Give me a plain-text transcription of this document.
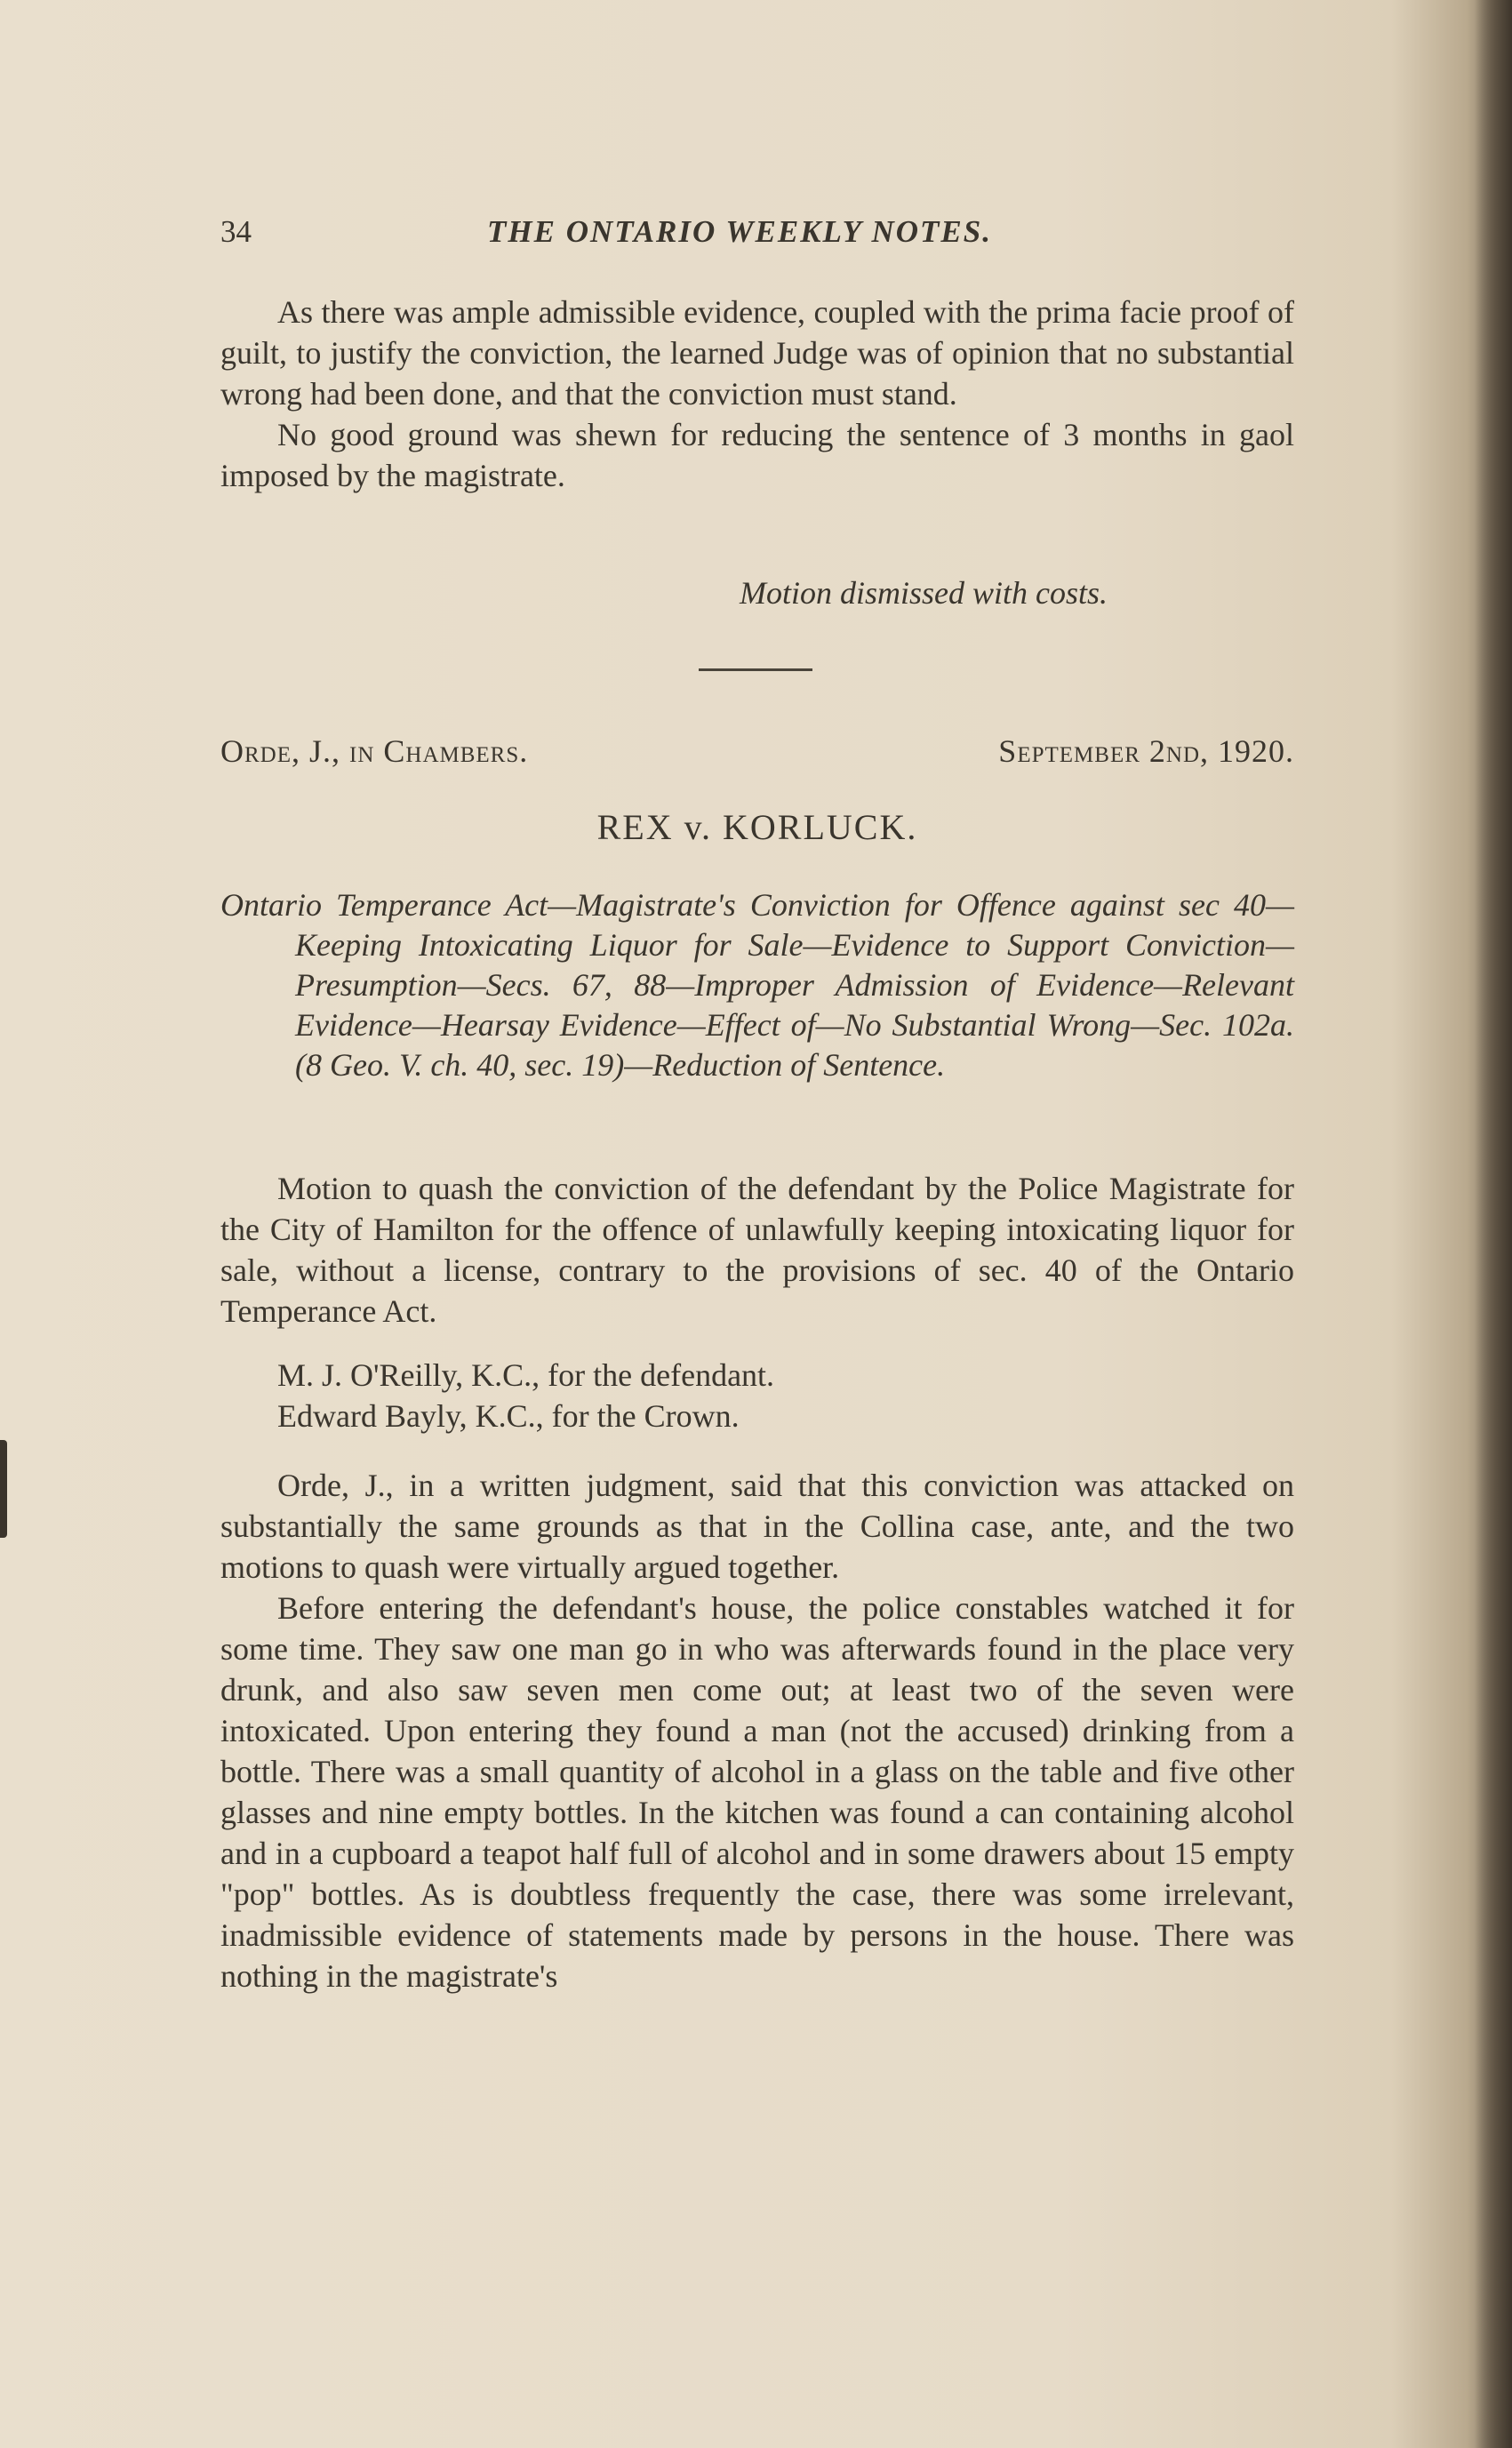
34	THE ONTARIO WEEKLY NOTES.

As there was ample admissible evidence, coupled with the prima facie proof of guilt, to justify the conviction, the learned Judge was of opinion that no substantial wrong had been done, and that the conviction must stand.

No good ground was shewn for reducing the sentence of 3 months in gaol imposed by the magistrate.

Motion dismissed with costs.
Orde, J., in Chambers.	September 2nd, 1920.
REX v. KORLUCK.
Ontario Temperance Act—Magistrate's Conviction for Offence against sec 40—Keeping Intoxicating Liquor for Sale—Evidence to Support Conviction—Presumption—Secs. 67, 88—Improper Admission of Evidence—Relevant Evidence—Hearsay Evidence—Effect of—No Substantial Wrong—Sec. 102a. (8 Geo. V. ch. 40, sec. 19)—Reduction of Sentence.

Motion to quash the conviction of the defendant by the Police Magistrate for the City of Hamilton for the offence of unlawfully keeping intoxicating liquor for sale, without a license, contrary to the provisions of sec. 40 of the Ontario Temperance Act.

M. J. O'Reilly, K.C., for the defendant.

Edward Bayly, K.C., for the Crown.

Orde, J., in a written judgment, said that this conviction was attacked on substantially the same grounds as that in the Collina case, ante, and the two motions to quash were virtually argued together.

Before entering the defendant's house, the police constables watched it for some time. They saw one man go in who was afterwards found in the place very drunk, and also saw seven men come out; at least two of the seven were intoxicated. Upon entering they found a man (not the accused) drinking from a bottle. There was a small quantity of alcohol in a glass on the table and five other glasses and nine empty bottles. In the kitchen was found a can containing alcohol and in a cupboard a teapot half full of alcohol and in some drawers about 15 empty "pop" bottles. As is doubtless frequently the case, there was some irrelevant, inadmissible evidence of statements made by persons in the house. There was nothing in the magistrate's
